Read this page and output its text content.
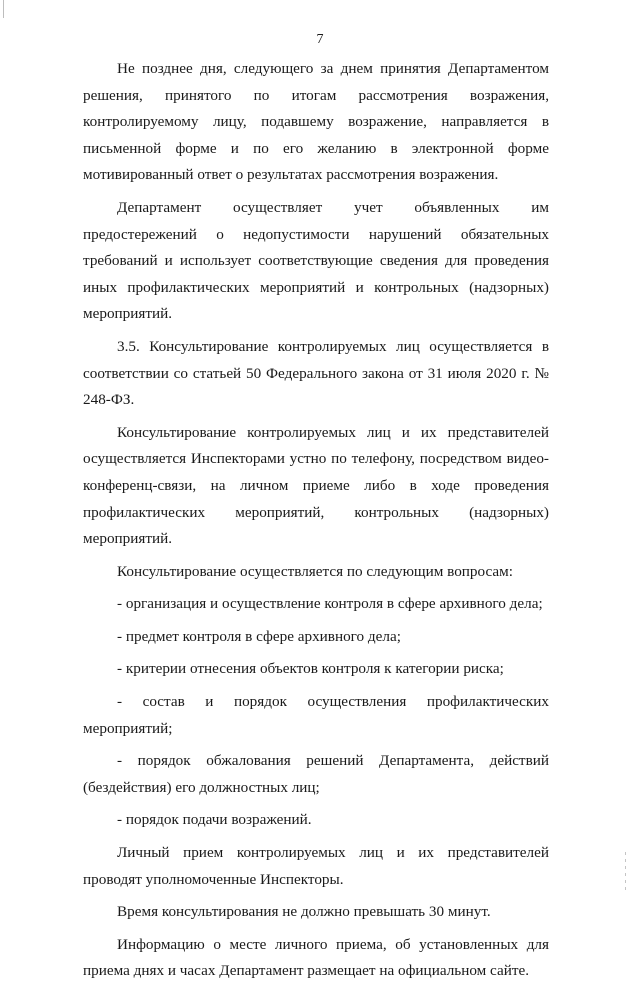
7

Не позднее дня, следующего за днем принятия Департаментом решения, принятого по итогам рассмотрения возражения, контролируемому лицу, подавшему возражение, направляется в письменной форме и по его желанию в электронной форме мотивированный ответ о результатах рассмотрения возражения.

Департамент осуществляет учет объявленных им предостережений о недопустимости нарушений обязательных требований и использует соответствующие сведения для проведения иных профилактических мероприятий и контрольных (надзорных) мероприятий.

3.5. Консультирование контролируемых лиц осуществляется в соответствии со статьей 50 Федерального закона от 31 июля 2020 г. № 248-ФЗ.

Консультирование контролируемых лиц и их представителей осуществляется Инспекторами устно по телефону, посредством видео-конференц-связи, на личном приеме либо в ходе проведения профилактических мероприятий, контрольных (надзорных) мероприятий.

Консультирование осуществляется по следующим вопросам:

- организация и осуществление контроля в сфере архивного дела;

- предмет контроля в сфере архивного дела;

- критерии отнесения объектов контроля к категории риска;

- состав и порядок осуществления профилактических мероприятий;

- порядок обжалования решений Департамента, действий (бездействия) его должностных лиц;

- порядок подачи возражений.

Личный прием контролируемых лиц и их представителей проводят уполномоченные Инспекторы.

Время консультирования не должно превышать 30 минут.

Информацию о месте личного приема, об установленных для приема днях и часах Департамент размещает на официальном сайте.
